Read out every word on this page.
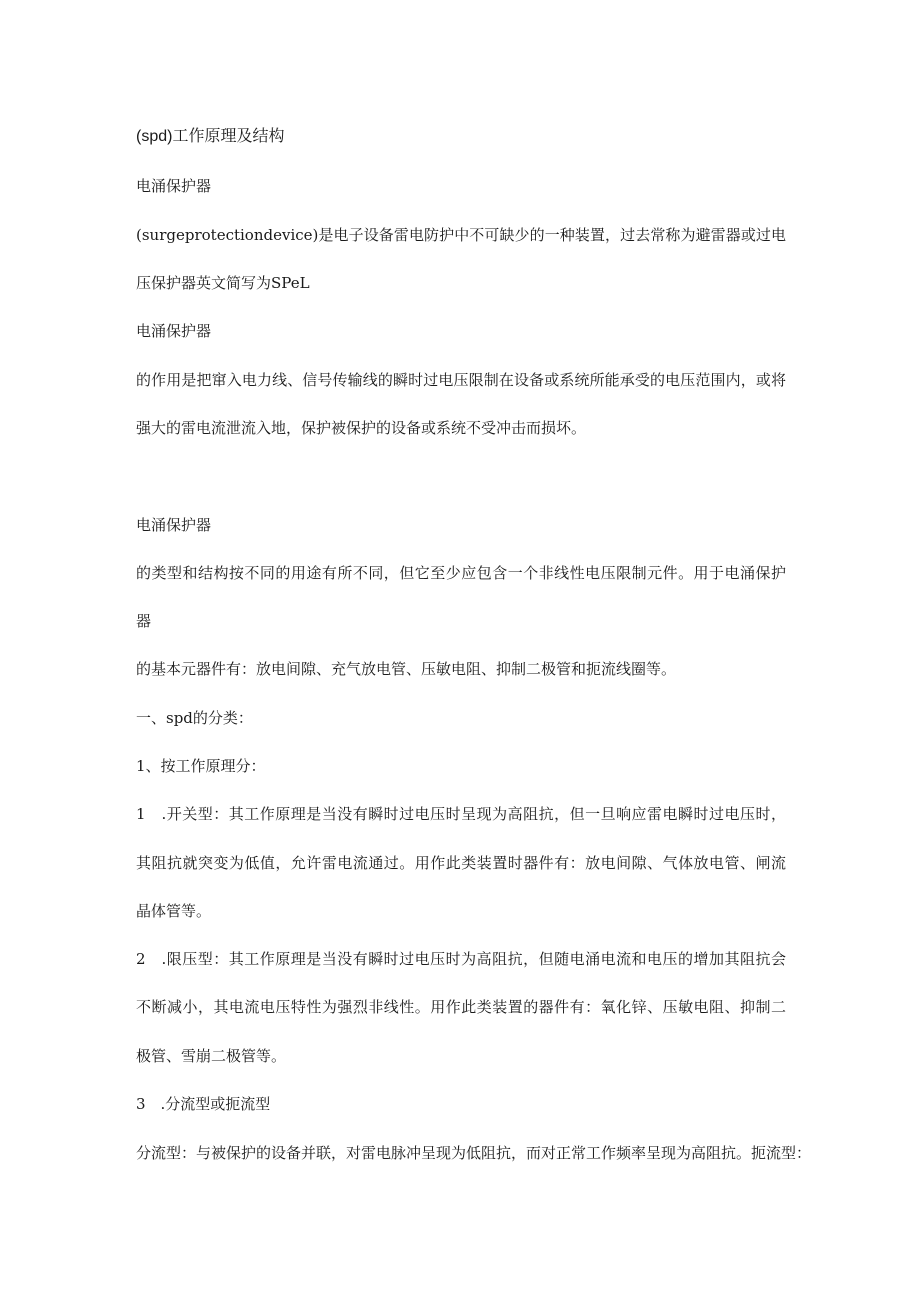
(spd)工作原理及结构
电涌保护器
(surgeprotectiondevice)是电子设备雷电防护中不可缺少的一种装置，过去常称为避雷器或过电
压保护器英文简写为SPeL
电涌保护器
的作用是把窜入电力线、信号传输线的瞬时过电压限制在设备或系统所能承受的电压范围内，或将
强大的雷电流泄流入地，保护被保护的设备或系统不受冲击而损坏。
电涌保护器
的类型和结构按不同的用途有所不同，但它至少应包含一个非线性电压限制元件。用于电涌保护
器
的基本元器件有：放电间隙、充气放电管、压敏电阻、抑制二极管和扼流线圈等。
一、spd的分类：
1、按工作原理分：
1　.开关型：其工作原理是当没有瞬时过电压时呈现为高阻抗，但一旦响应雷电瞬时过电压时，
其阻抗就突变为低值，允许雷电流通过。用作此类装置时器件有：放电间隙、气体放电管、闸流
晶体管等。
2　.限压型：其工作原理是当没有瞬时过电压时为高阻抗，但随电涌电流和电压的增加其阻抗会
不断减小，其电流电压特性为强烈非线性。用作此类装置的器件有：氧化锌、压敏电阻、抑制二
极管、雪崩二极管等。
3　.分流型或扼流型
分流型：与被保护的设备并联，对雷电脉冲呈现为低阻抗，而对正常工作频率呈现为高阻抗。扼流型：
